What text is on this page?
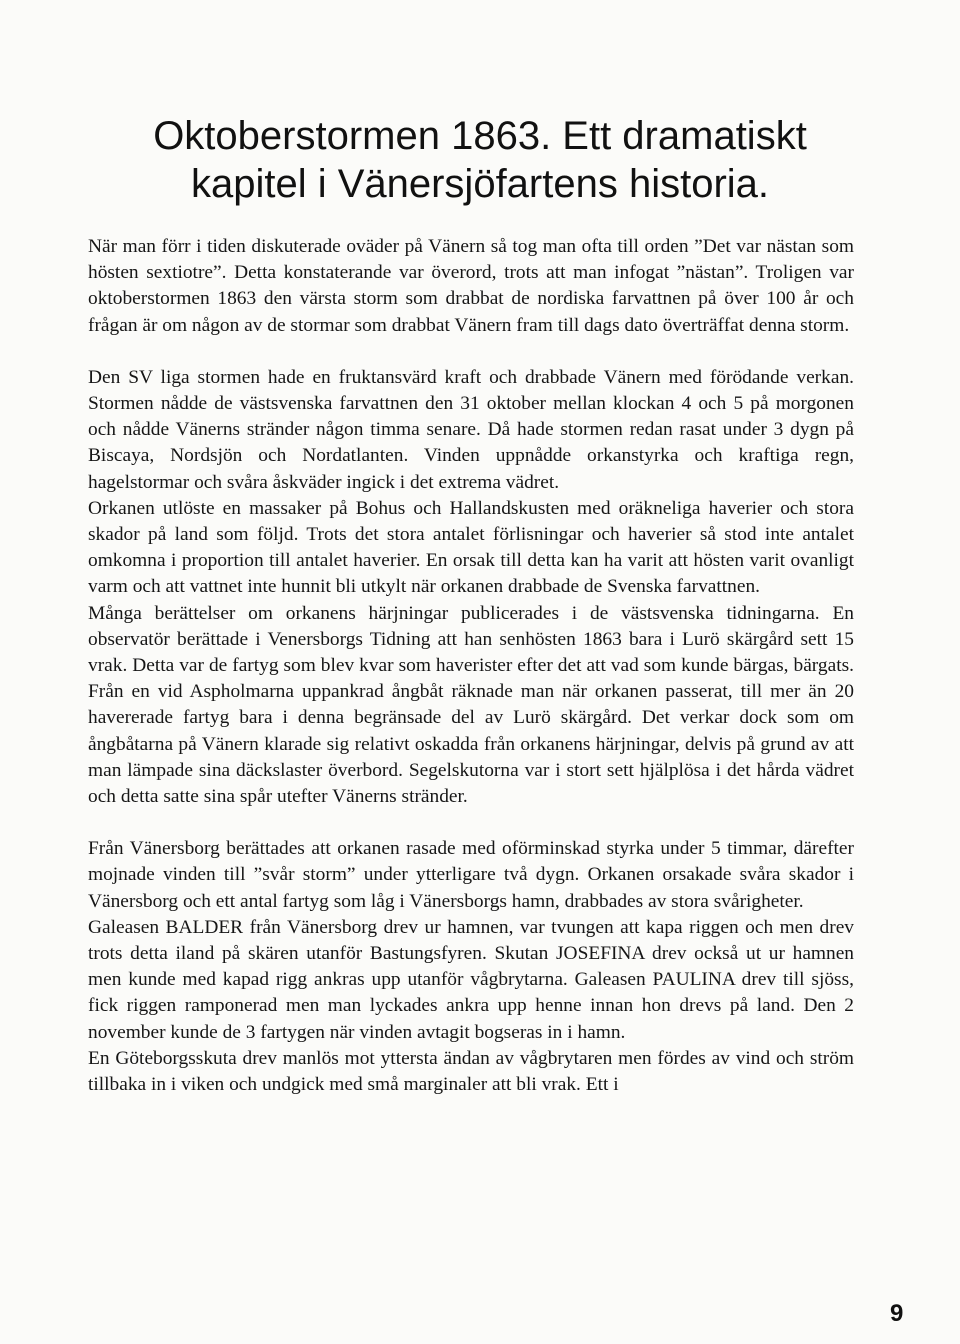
Oktoberstormen 1863. Ett dramatiskt
kapitel i Vänersjöfartens historia.

När man förr i tiden diskuterade oväder på Vänern så tog man ofta till orden ”Det var nästan som hösten sextiotre”. Detta konstaterande var överord, trots att man infogat ”nästan”. Troligen var oktoberstormen 1863 den värsta storm som drabbat de nordiska farvattnen på över 100 år och frågan är om någon av de stormar som drabbat Vänern fram till dags dato överträffat denna storm.

Den SV liga stormen hade en fruktansvärd kraft och drabbade Vänern med förödande verkan. Stormen nådde de västsvenska farvattnen den 31 oktober mellan klockan 4 och 5 på morgonen och nådde Vänerns stränder någon timma senare. Då hade stormen redan rasat under 3 dygn på Biscaya, Nordsjön och Nordatlanten. Vinden uppnådde orkanstyrka och kraftiga regn, hagelstormar och svåra åskväder ingick i det extrema vädret.

Orkanen utlöste en massaker på Bohus och Hallandskusten med oräkneliga haverier och stora skador på land som följd. Trots det stora antalet förlisningar och haverier så stod inte antalet omkomna i proportion till antalet haverier. En orsak till detta kan ha varit att hösten varit ovanligt varm och att vattnet inte hunnit bli utkylt när orkanen drabbade de Svenska farvattnen.

Många berättelser om orkanens härjningar publicerades i de västsvenska tidningarna. En observatör berättade i Venersborgs Tidning att han senhösten 1863 bara i Lurö skärgård sett 15 vrak. Detta var de fartyg som blev kvar som haverister efter det att vad som kunde bärgas, bärgats. Från en vid Aspholmarna uppankrad ångbåt räknade man när orkanen passerat, till mer än 20 havererade fartyg bara i denna begränsade del av Lurö skärgård. Det verkar dock som om ångbåtarna på Vänern klarade sig relativt oskadda från orkanens härjningar, delvis på grund av att man lämpade sina däckslaster överbord. Segelskutorna var i stort sett hjälplösa i det hårda vädret och detta satte sina spår utefter Vänerns stränder.

Från Vänersborg berättades att orkanen rasade med oförminskad styrka under 5 timmar, därefter mojnade vinden till ”svår storm” under ytterligare två dygn. Orkanen orsakade svåra skador i Vänersborg och ett antal fartyg som låg i Vänersborgs hamn, drabbades av stora svårigheter.

Galeasen BALDER från Vänersborg drev ur hamnen, var tvungen att kapa riggen och men drev trots detta iland på skären utanför Bastungsfyren. Skutan JOSEFINA drev också ut ur hamnen men kunde med kapad rigg ankras upp utanför vågbrytarna. Galeasen PAULINA drev till sjöss, fick riggen ramponerad men man lyckades ankra upp henne innan hon drevs på land. Den 2 november kunde de 3 fartygen när vinden avtagit bogseras in i hamn.

En Göteborgsskuta drev manlös mot yttersta ändan av vågbrytaren men fördes av vind och ström tillbaka in i viken och undgick med små marginaler att bli vrak. Ett i

9
